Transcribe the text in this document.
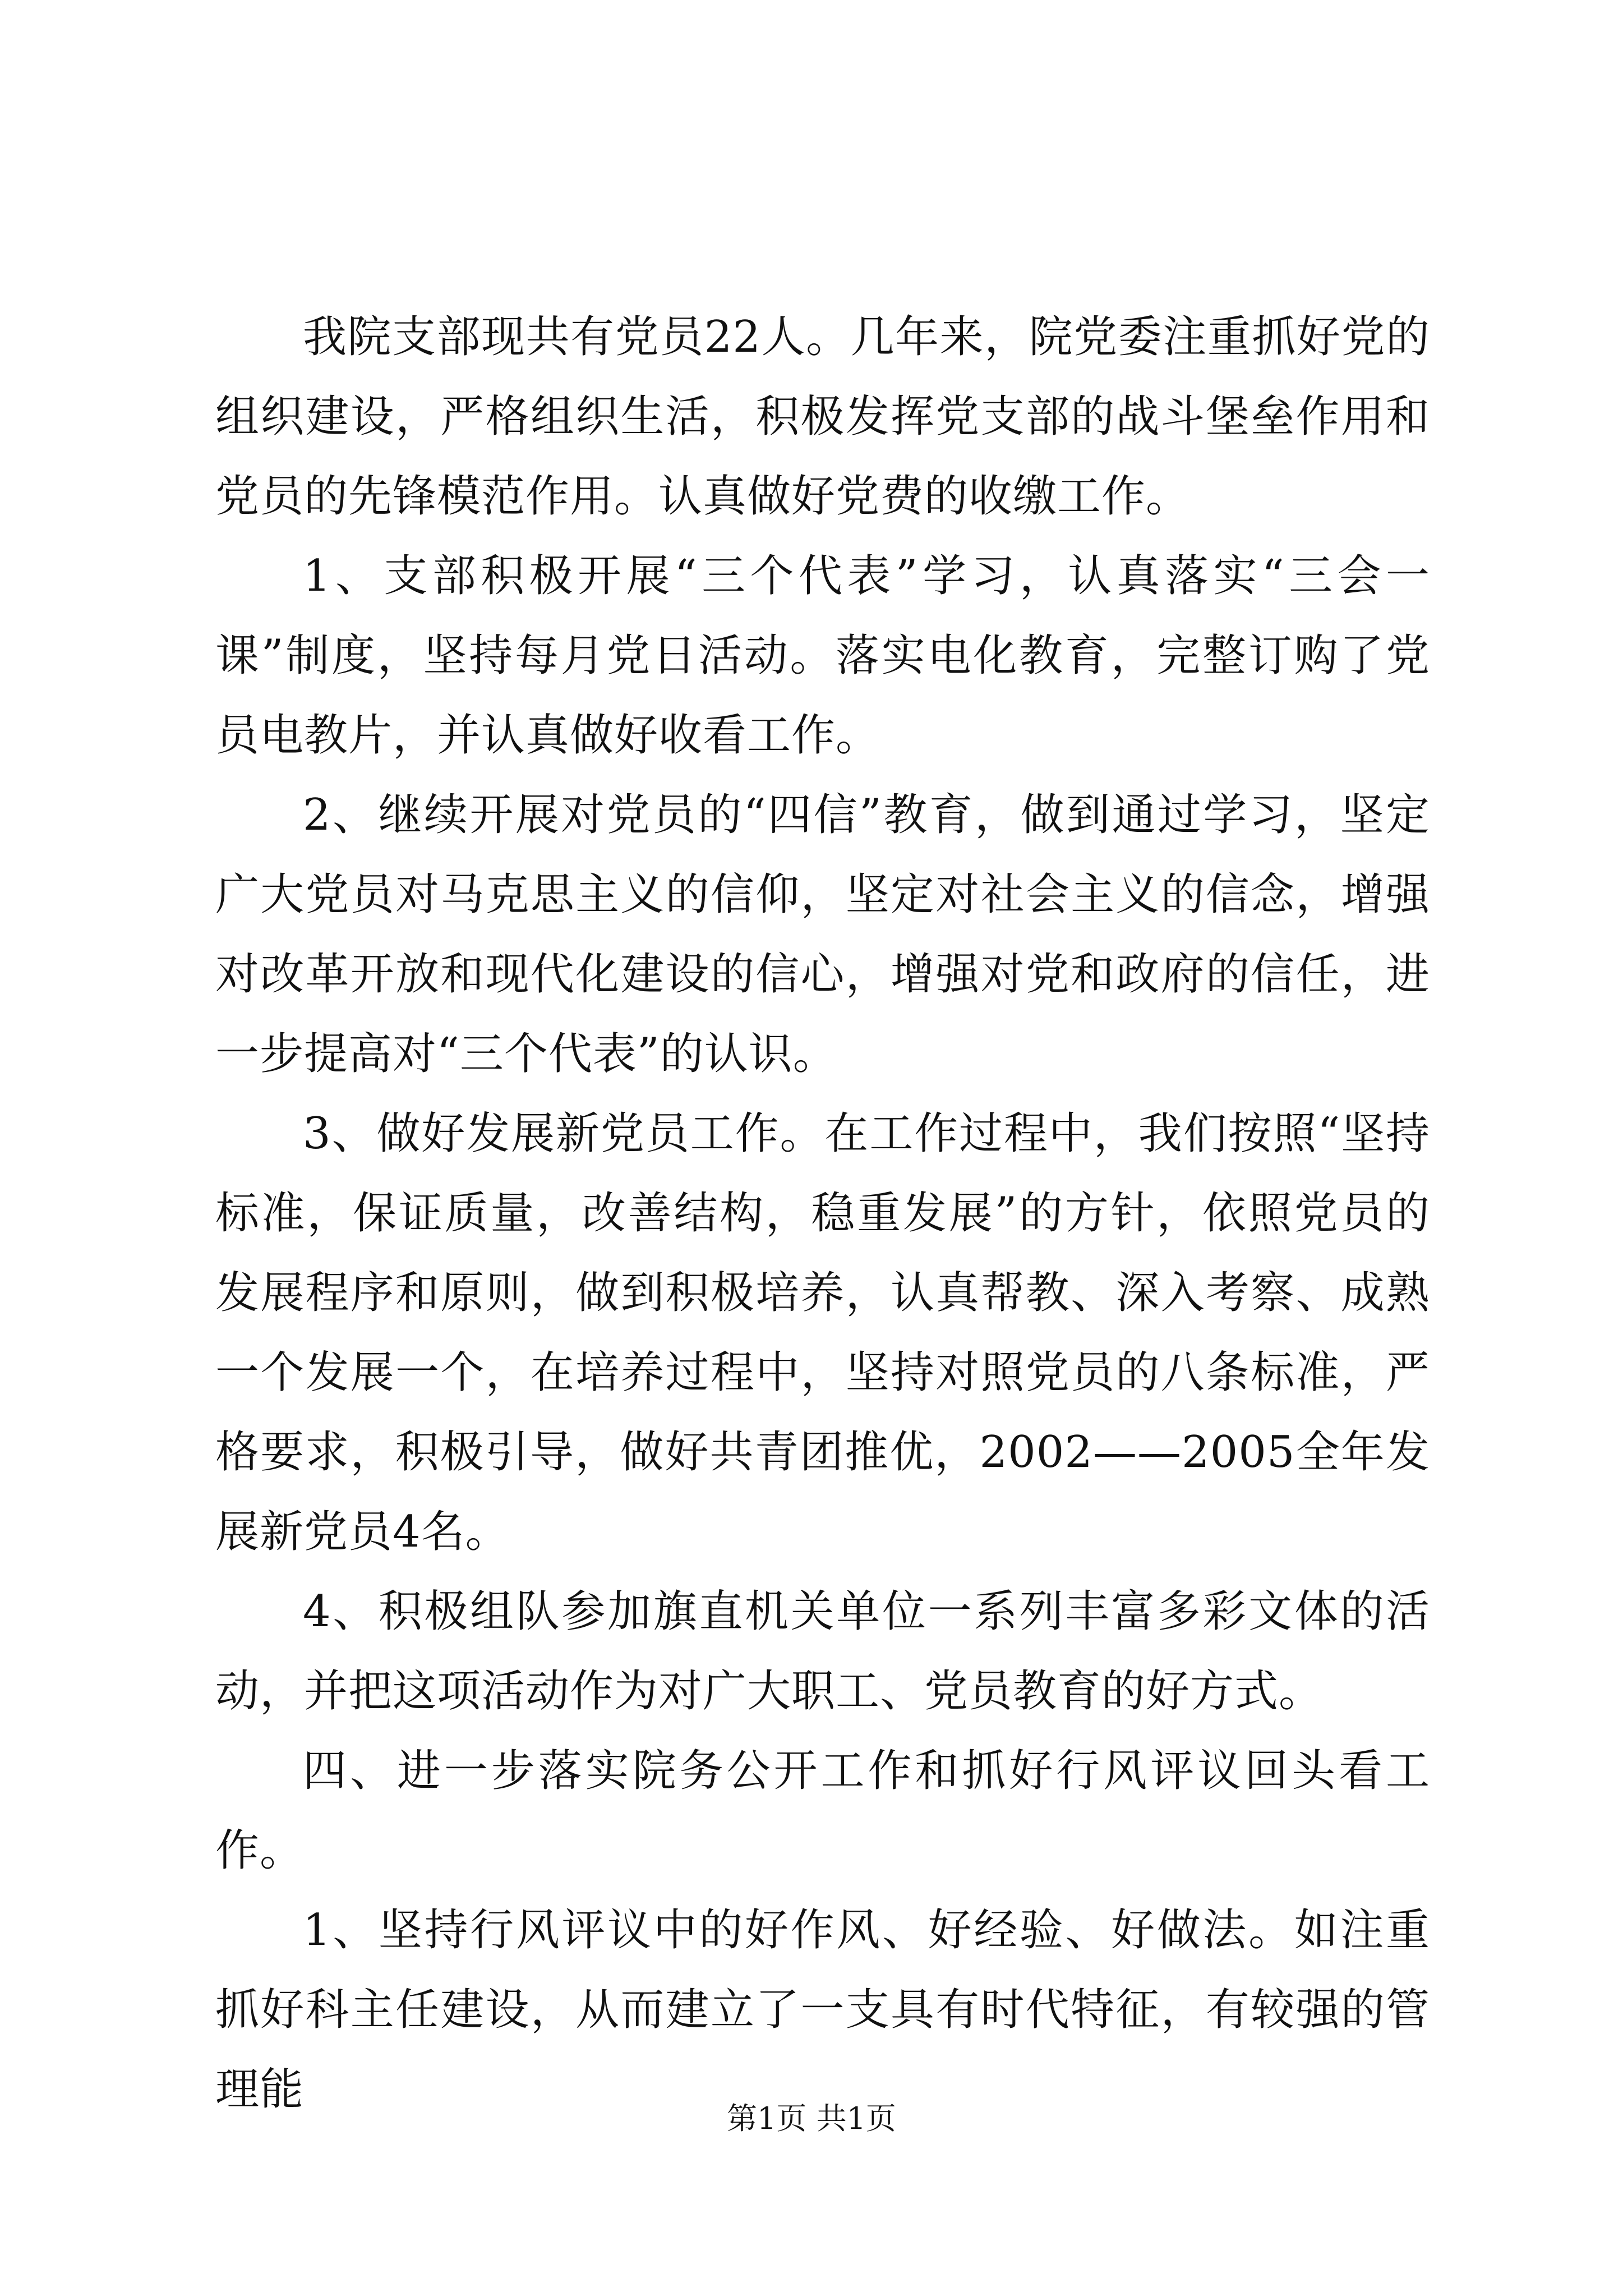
我院支部现共有党员22人。几年来，院党委注重抓好党的组织建设，严格组织生活，积极发挥党支部的战斗堡垒作用和党员的先锋模范作用。认真做好党费的收缴工作。

1、支部积极开展“三个代表”学习，认真落实“三会一课”制度，坚持每月党日活动。落实电化教育，完整订购了党员电教片，并认真做好收看工作。

2、继续开展对党员的“四信”教育，做到通过学习，坚定广大党员对马克思主义的信仰，坚定对社会主义的信念，增强对改革开放和现代化建设的信心，增强对党和政府的信任，进一步提高对“三个代表”的认识。

3、做好发展新党员工作。在工作过程中，我们按照“坚持标准，保证质量，改善结构，稳重发展”的方针，依照党员的发展程序和原则，做到积极培养，认真帮教、深入考察、成熟一个发展一个，在培养过程中，坚持对照党员的八条标准，严格要求，积极引导，做好共青团推优，2002——2005全年发展新党员4名。

4、积极组队参加旗直机关单位一系列丰富多彩文体的活动，并把这项活动作为对广大职工、党员教育的好方式。

四、进一步落实院务公开工作和抓好行风评议回头看工作。

1、坚持行风评议中的好作风、好经验、好做法。如注重抓好科主任建设，从而建立了一支具有时代特征，有较强的管理能

第1页 共1页
